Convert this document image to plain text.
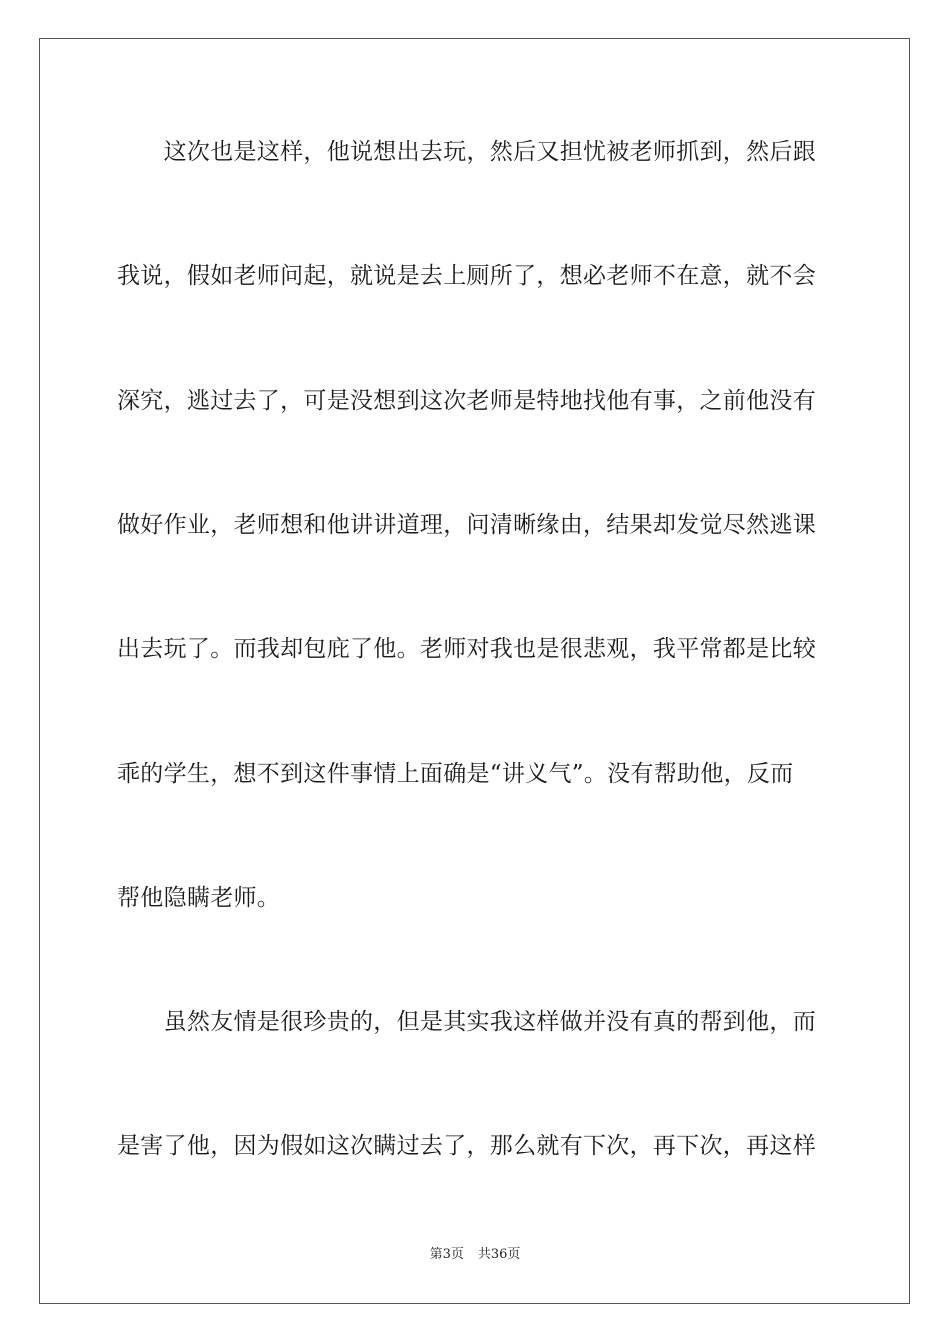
　　这次也是这样，他说想出去玩，然后又担忧被老师抓到，然后跟
我说，假如老师问起，就说是去上厕所了，想必老师不在意，就不会
深究，逃过去了，可是没想到这次老师是特地找他有事，之前他没有
做好作业，老师想和他讲讲道理，问清晰缘由，结果却发觉尽然逃课
出去玩了。而我却包庇了他。老师对我也是很悲观，我平常都是比较
乖的学生，想不到这件事情上面确是“讲义气”。没有帮助他，反而
帮他隐瞒老师。
　　虽然友情是很珍贵的，但是其实我这样做并没有真的帮到他，而
是害了他，因为假如这次瞒过去了，那么就有下次，再下次，再这样
第3页 共36页
